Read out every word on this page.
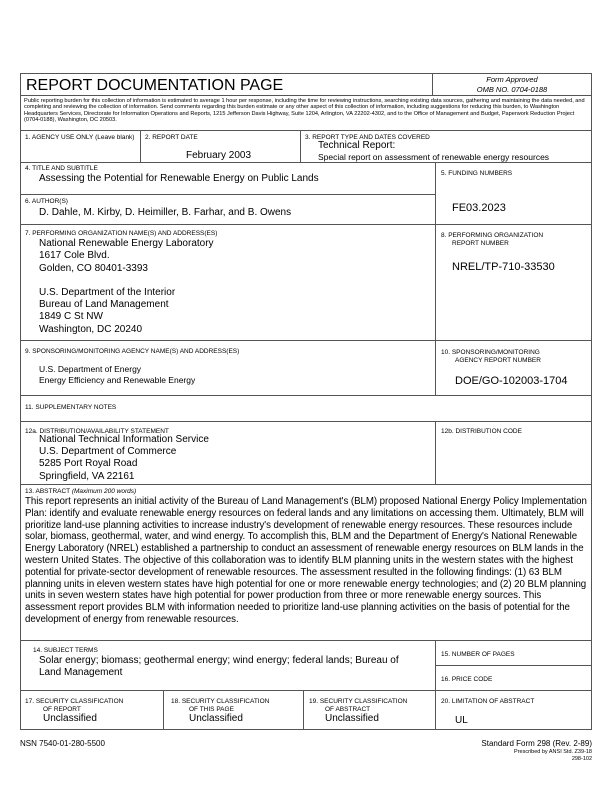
REPORT DOCUMENTATION PAGE	Form Approved
OMB NO. 0704-0188
Public reporting burden for this collection of information is estimated to average 1 hour per response, including the time for reviewing instructions, searching existing data sources, gathering and maintaining the data needed, and completing and reviewing the collection of information. Send comments regarding this burden estimate or any other aspect of this collection of information, including suggestions for reducing this burden, to Washington Headquarters Services, Directorate for Information Operations and Reports, 1215 Jefferson Davis Highway, Suite 1204, Arlington, VA 22202-4302, and to the Office of Management and Budget, Paperwork Reduction Project (0704-0188), Washington, DC 20503.
1. AGENCY USE ONLY (Leave blank) 2. REPORT DATE
February 2003
3. REPORT TYPE AND DATES COVERED
Technical Report:
Special report on assessment of renewable energy resources
4. TITLE AND SUBTITLE
Assessing the Potential for Renewable Energy on Public Lands	5. FUNDING NUMBERS
FE03.2023
6. AUTHOR(S)
D. Dahle, M. Kirby, D. Heimiller, B. Farhar, and B. Owens
7. PERFORMING ORGANIZATION NAME(S) AND ADDRESS(ES)
National Renewable Energy Laboratory
1617 Cole Blvd.
Golden, CO 80401-3393
U.S. Department of the Interior
Bureau of Land Management
1849 C St NW
Washington, DC 20240
8. PERFORMING ORGANIZATION
REPORT NUMBER
NREL/TP-710-33530
9. SPONSORING/MONITORING AGENCY NAME(S) AND ADDRESS(ES)
U.S. Department of Energy
Energy Efficiency and Renewable Energy
10. SPONSORING/MONITORING
AGENCY REPORT NUMBER
DOE/GO-102003-1704
11. SUPPLEMENTARY NOTES
12a. DISTRIBUTION/AVAILABILITY STATEMENT
National Technical Information Service
U.S. Department of Commerce
5285 Port Royal Road
Springfield, VA 22161
12b. DISTRIBUTION CODE
13. ABSTRACT (Maximum 200 words)
This report represents an initial activity of the Bureau of Land Management's (BLM) proposed National Energy Policy Implementation Plan: identify and evaluate renewable energy resources on federal lands and any limitations on accessing them. Ultimately, BLM will prioritize land-use planning activities to increase industry's development of renewable energy resources. These resources include solar, biomass, geothermal, water, and wind energy. To accomplish this, BLM and the Department of Energy's National Renewable Energy Laboratory (NREL) established a partnership to conduct an assessment of renewable energy resources on BLM lands in the western United States. The objective of this collaboration was to identify BLM planning units in the western states with the highest potential for private-sector development of renewable resources. The assessment resulted in the following findings: (1) 63 BLM planning units in eleven western states have high potential for one or more renewable energy technologies; and (2) 20 BLM planning units in seven western states have high potential for power production from three or more renewable energy sources. This assessment report provides BLM with information needed to prioritize land-use planning activities on the basis of potential for the development of energy from renewable resources.
14. SUBJECT TERMS
Solar energy; biomass; geothermal energy; wind energy; federal lands; Bureau of Land Management
15. NUMBER OF PAGES
16. PRICE CODE
17. SECURITY CLASSIFICATION
OF REPORT
Unclassified
18. SECURITY CLASSIFICATION
OF THIS PAGE
Unclassified
19. SECURITY CLASSIFICATION
OF ABSTRACT
Unclassified
20. LIMITATION OF ABSTRACT
UL
NSN 7540-01-280-5500	Standard Form 298 (Rev. 2-89)
Prescribed by ANSI Std. Z39-18
298-102
